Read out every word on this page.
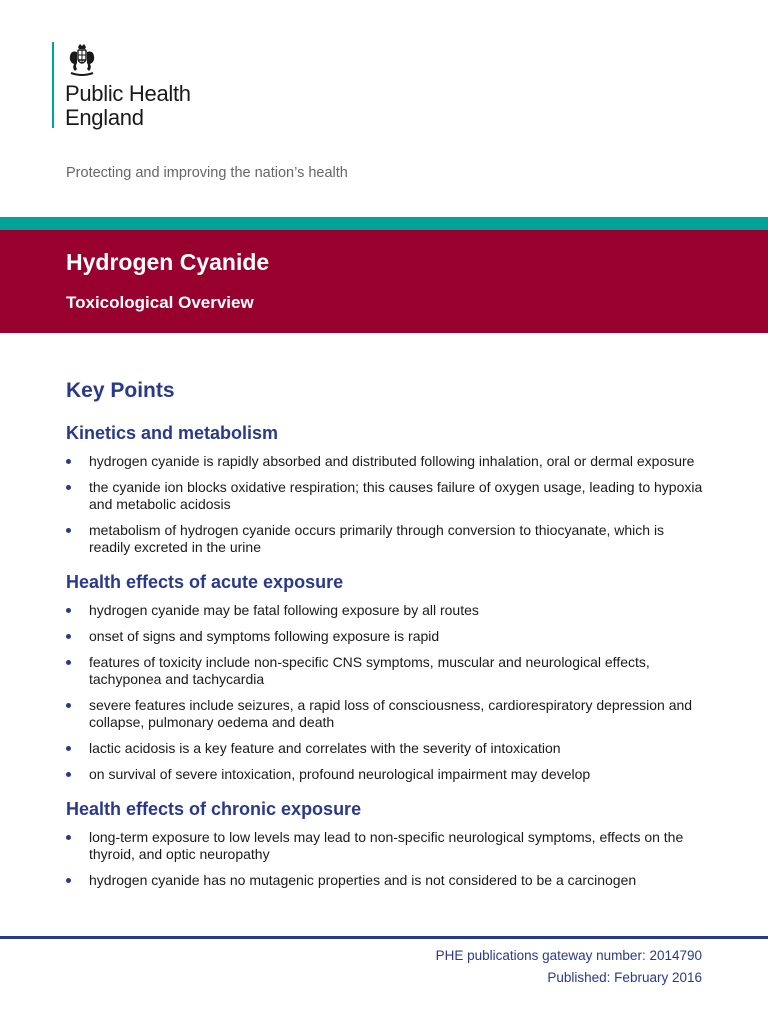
Public Health
England
Protecting and improving the nation’s health
Hydrogen Cyanide
Toxicological Overview
Key Points
Kinetics and metabolism
hydrogen cyanide is rapidly absorbed and distributed following inhalation, oral or dermal exposure
the cyanide ion blocks oxidative respiration; this causes failure of oxygen usage, leading to hypoxia and metabolic acidosis
metabolism of hydrogen cyanide occurs primarily through conversion to thiocyanate, which is readily excreted in the urine
Health effects of acute exposure
hydrogen cyanide may be fatal following exposure by all routes
onset of signs and symptoms following exposure is rapid
features of toxicity include non-specific CNS symptoms, muscular and neurological effects, tachyponea and tachycardia
severe features include seizures, a rapid loss of consciousness, cardiorespiratory depression and collapse, pulmonary oedema and death
lactic acidosis is a key feature and correlates with the severity of intoxication
on survival of severe intoxication, profound neurological impairment may develop
Health effects of chronic exposure
long-term exposure to low levels may lead to non-specific neurological symptoms, effects on the thyroid, and optic neuropathy
hydrogen cyanide has no mutagenic properties and is not considered to be a carcinogen
PHE publications gateway number: 2014790
Published: February 2016
